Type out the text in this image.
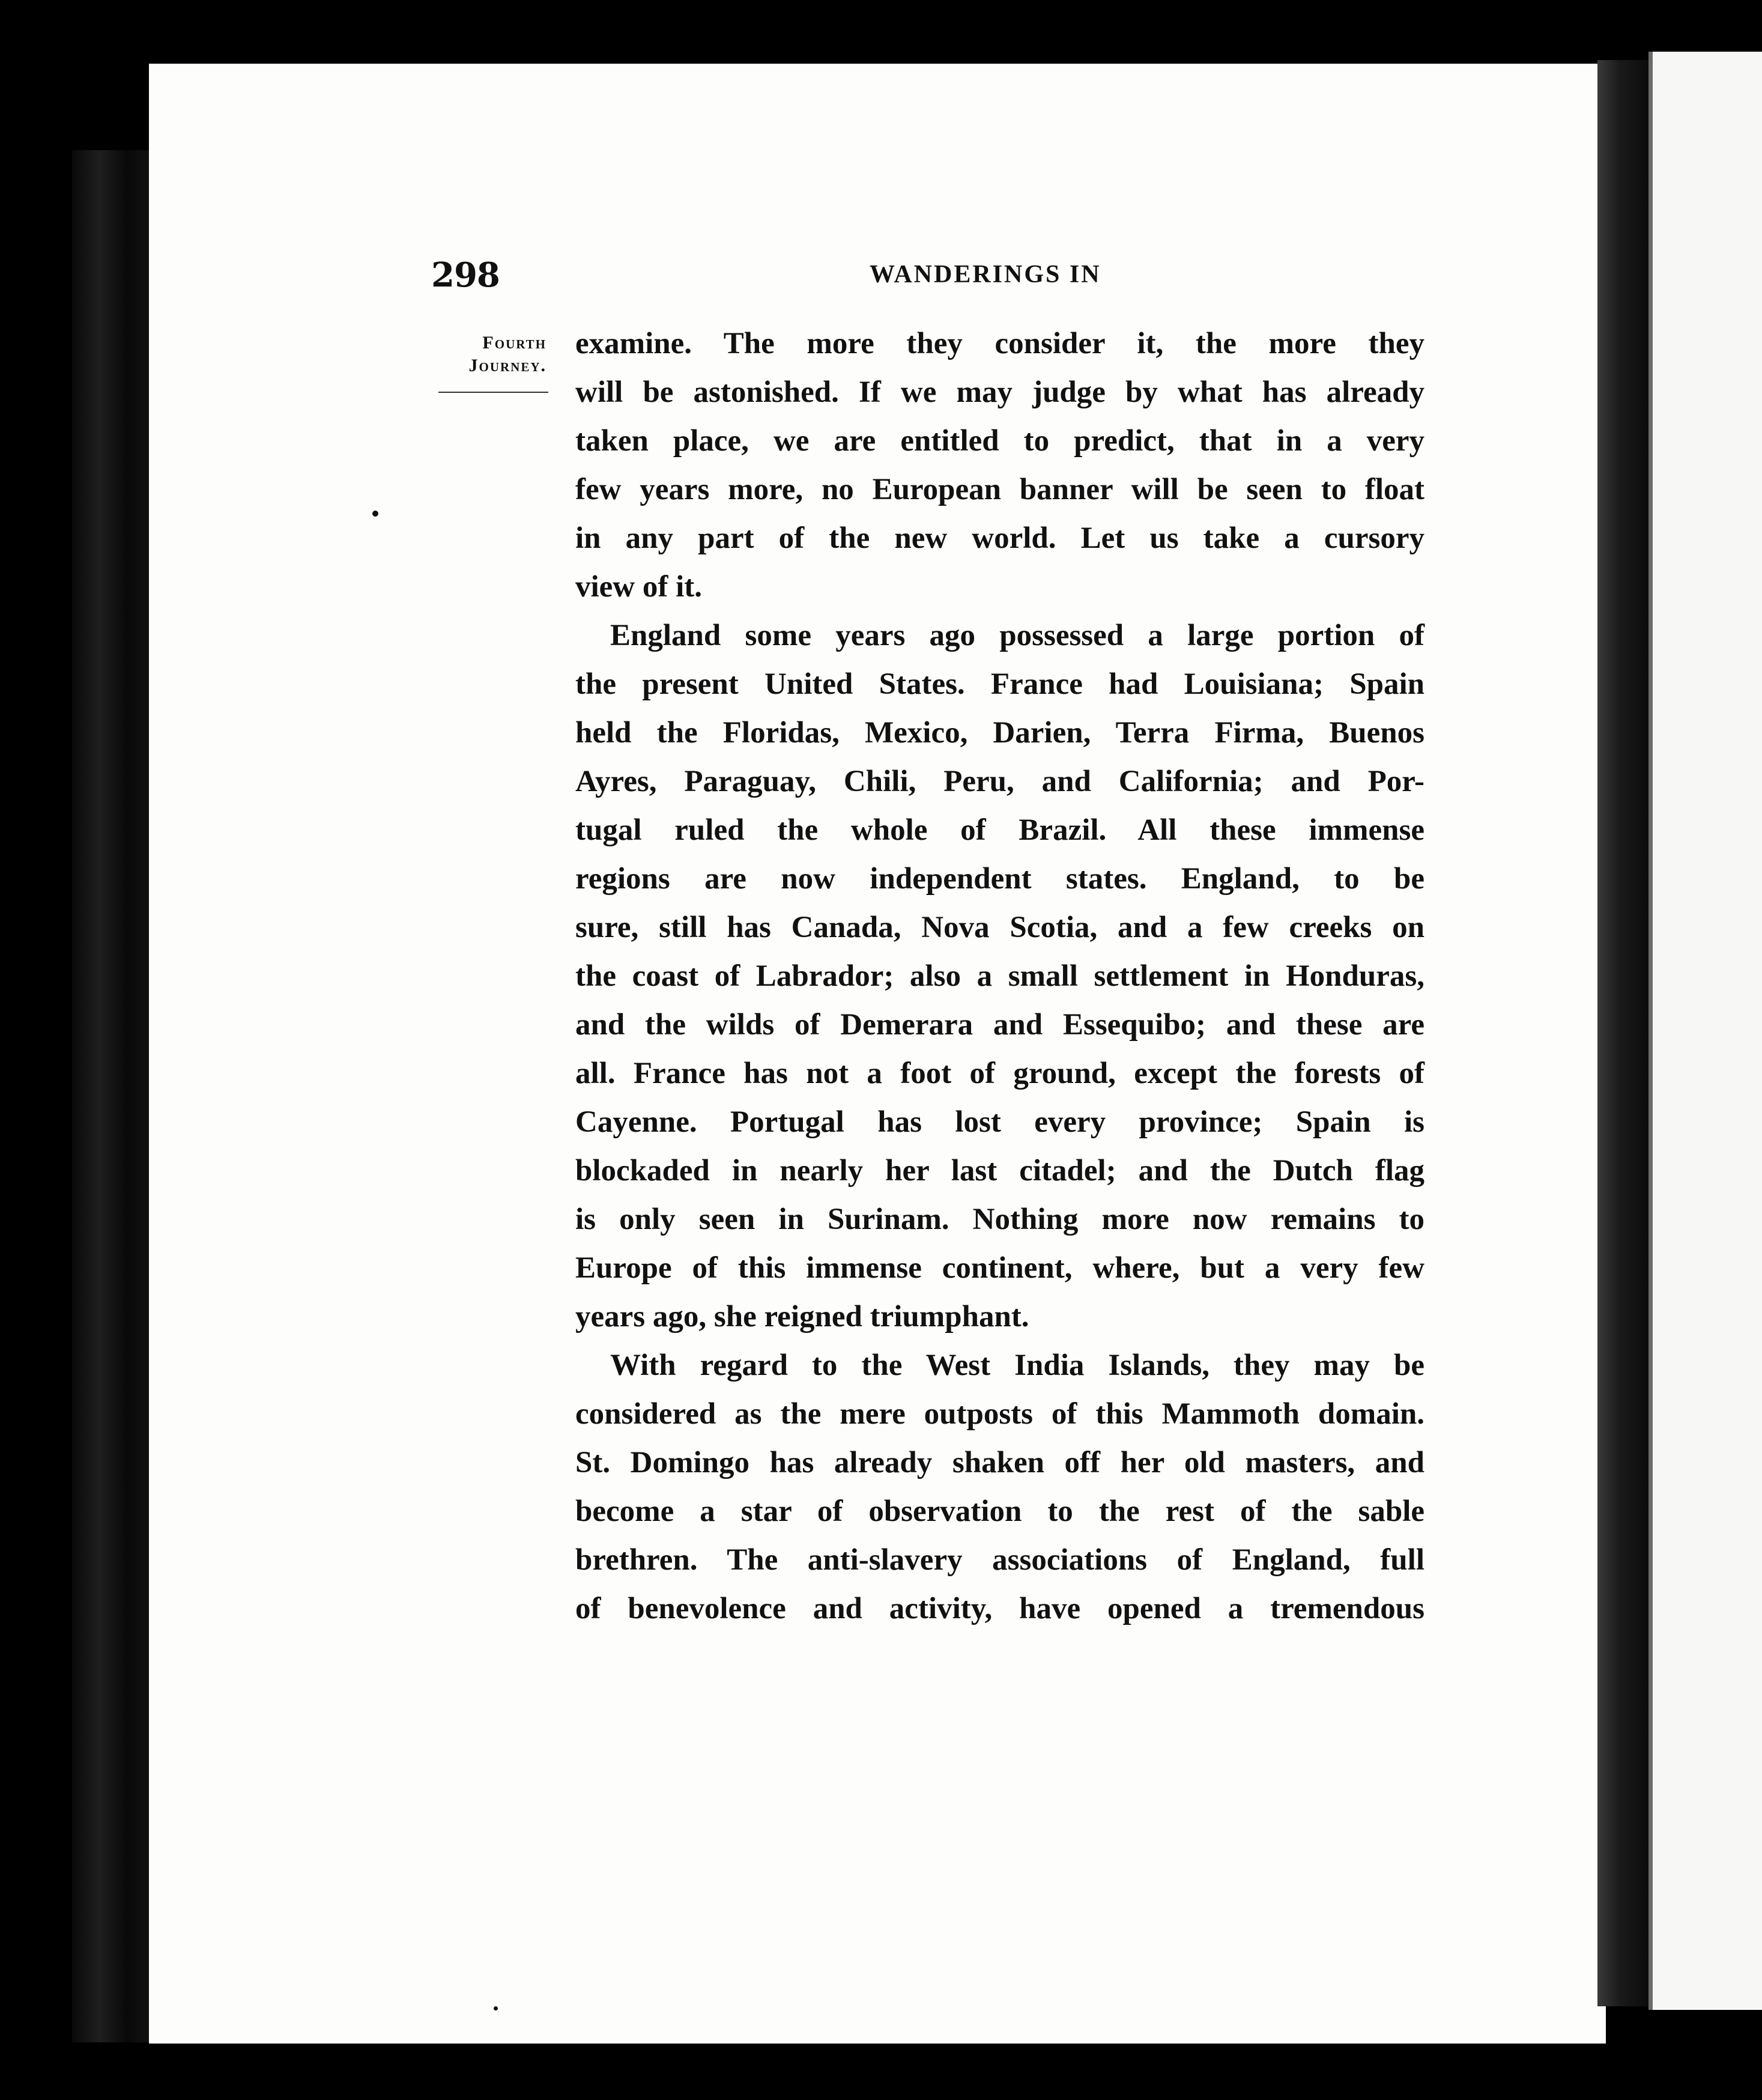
298	WANDERINGS IN
Fourth
Journey.
examine. The more they consider it, the more they
will be astonished. If we may judge by what has already
taken place, we are entitled to predict, that in a very
few years more, no European banner will be seen to float
in any part of the new world. Let us take a cursory
view of it.
England some years ago possessed a large portion of
the present United States. France had Louisiana; Spain
held the Floridas, Mexico, Darien, Terra Firma, Buenos
Ayres, Paraguay, Chili, Peru, and California; and Por-
tugal ruled the whole of Brazil. All these immense
regions are now independent states. England, to be
sure, still has Canada, Nova Scotia, and a few creeks on
the coast of Labrador; also a small settlement in Honduras,
and the wilds of Demerara and Essequibo; and these are
all. France has not a foot of ground, except the forests of
Cayenne. Portugal has lost every province; Spain is
blockaded in nearly her last citadel; and the Dutch flag
is only seen in Surinam. Nothing more now remains to
Europe of this immense continent, where, but a very few
years ago, she reigned triumphant.
With regard to the West India Islands, they may be
considered as the mere outposts of this Mammoth domain.
St. Domingo has already shaken off her old masters, and
become a star of observation to the rest of the sable
brethren. The anti-slavery associations of England, full
of benevolence and activity, have opened a tremendous
